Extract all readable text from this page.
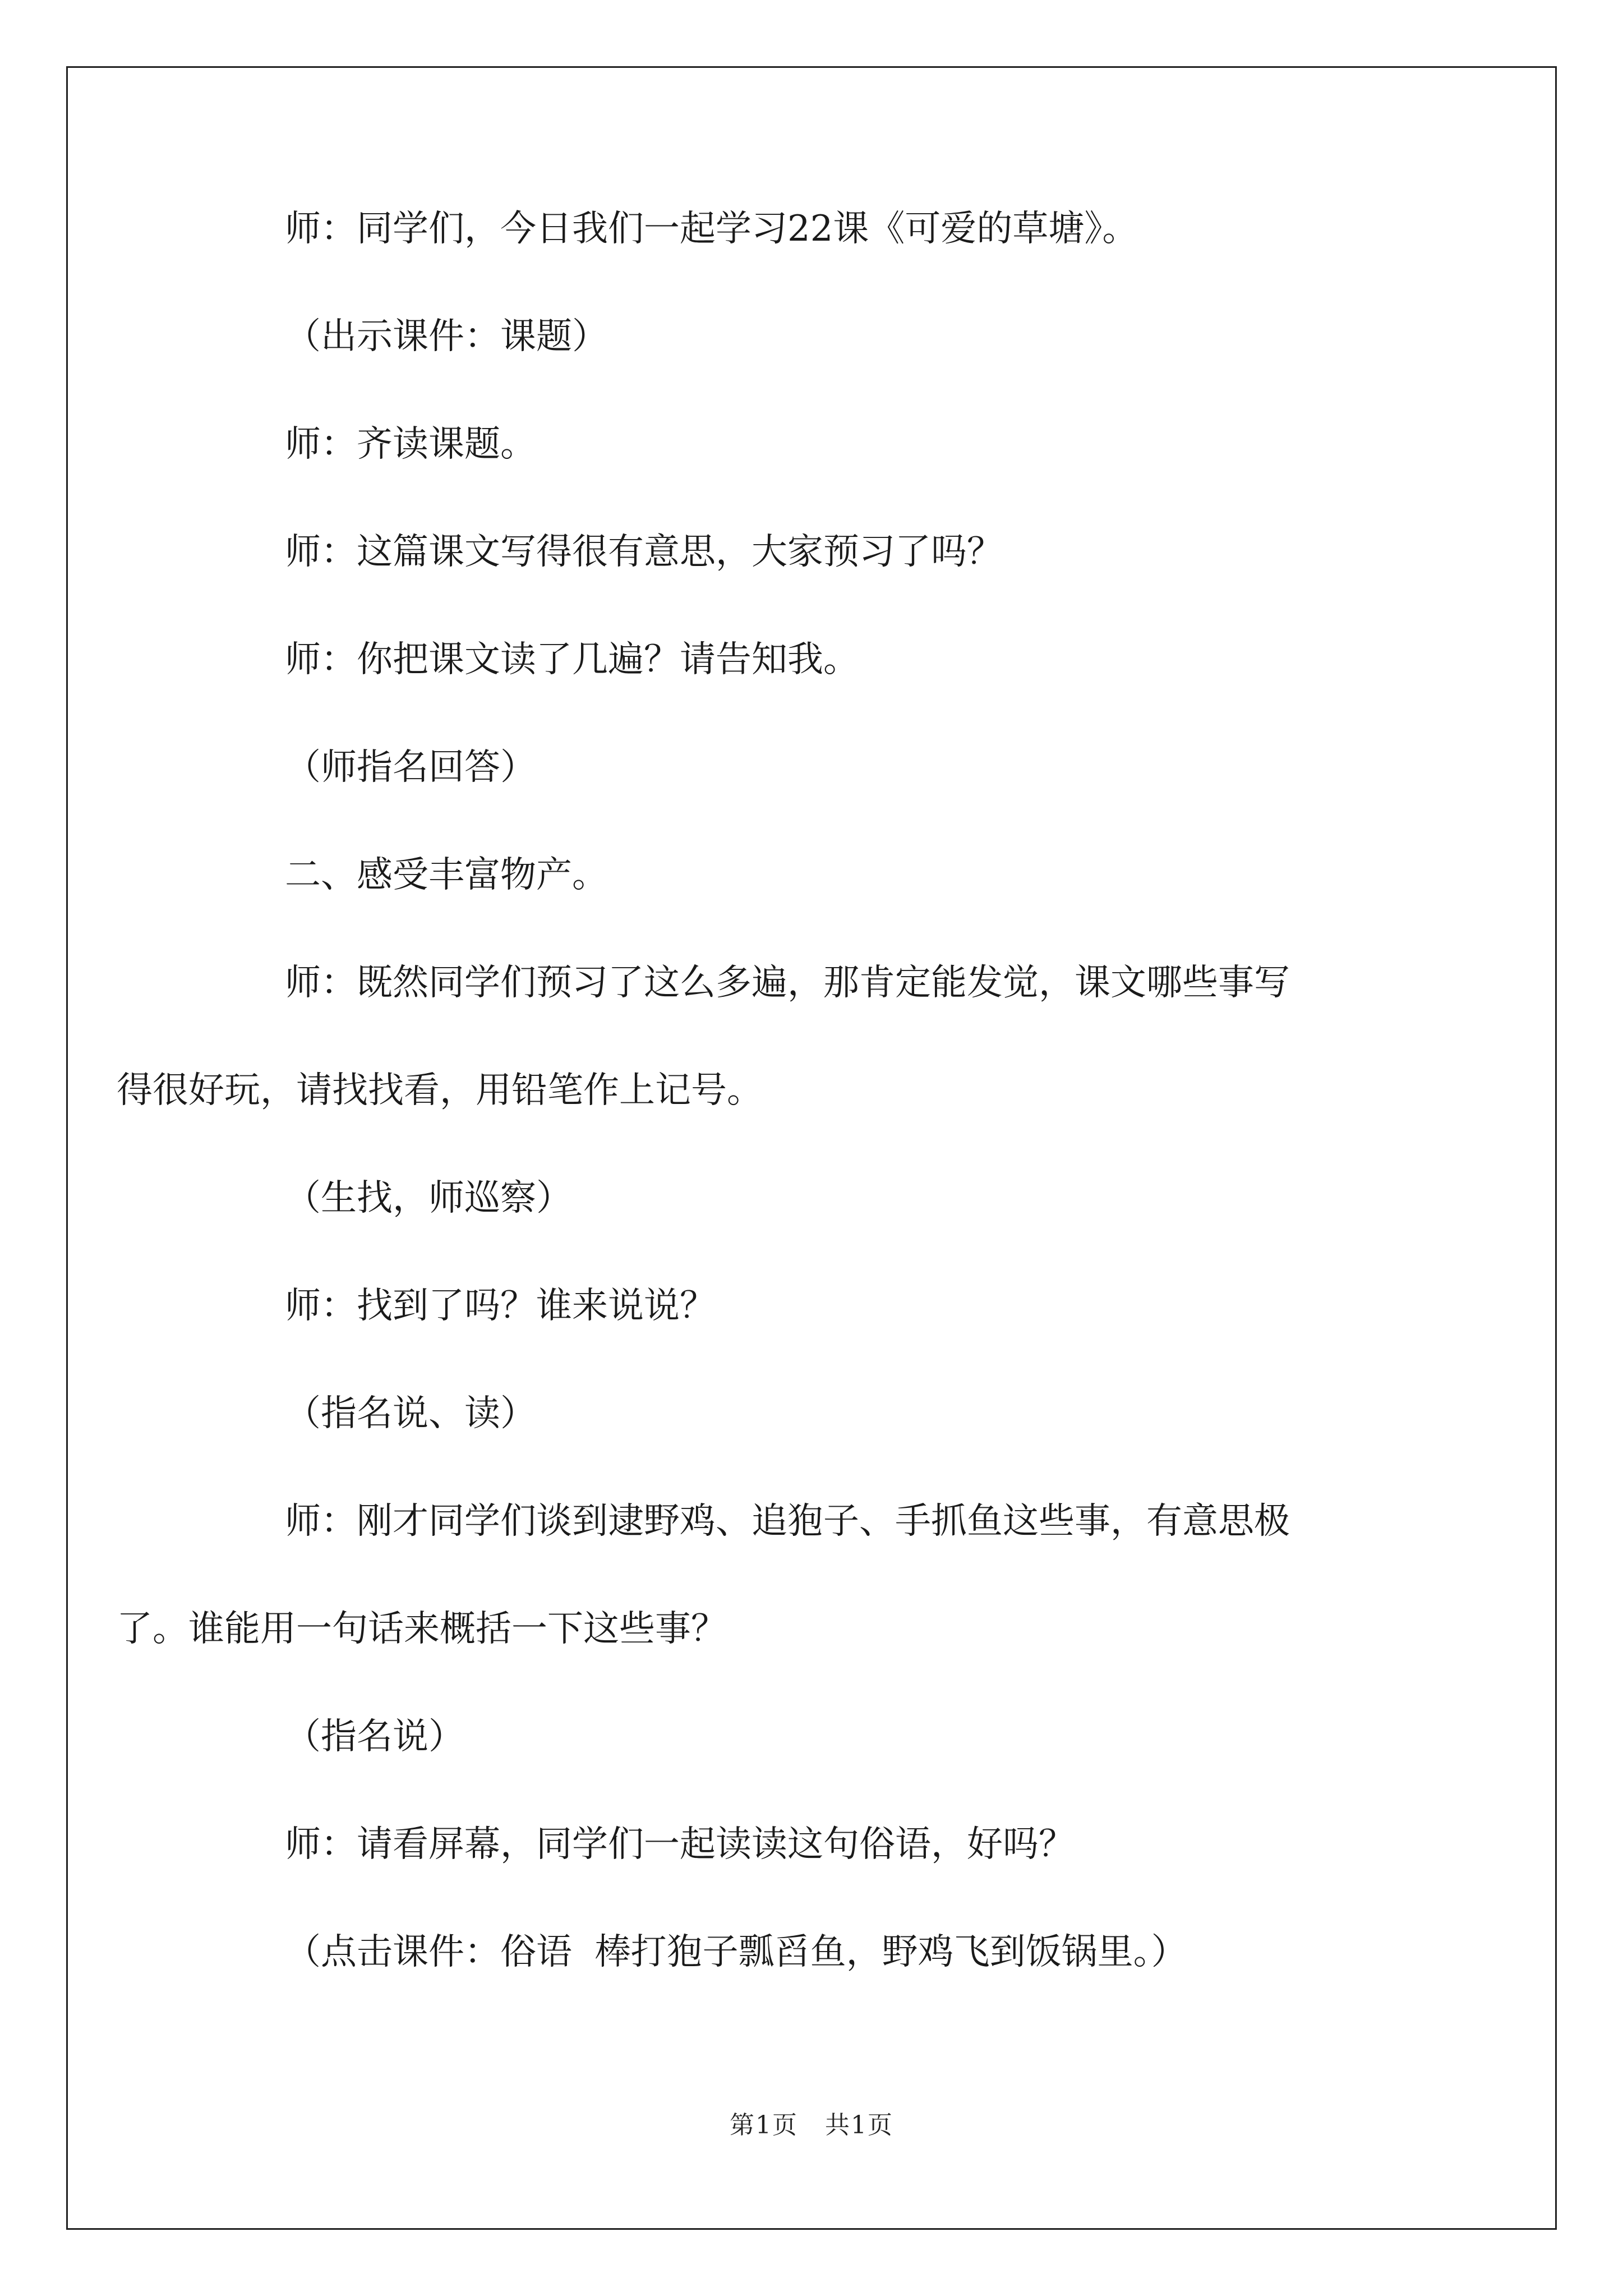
师：同学们，今日我们一起学习22课《可爱的草塘》。

（出示课件：课题）

师：齐读课题。

师：这篇课文写得很有意思，大家预习了吗？

师：你把课文读了几遍？请告知我。

（师指名回答）

二、感受丰富物产。

师：既然同学们预习了这么多遍，那肯定能发觉，课文哪些事写
得很好玩，请找找看，用铅笔作上记号。

（生找，师巡察）

师：找到了吗？谁来说说？

（指名说、读）

师：刚才同学们谈到逮野鸡、追狍子、手抓鱼这些事，有意思极
了。谁能用一句话来概括一下这些事？

（指名说）

师：请看屏幕，同学们一起读读这句俗语，好吗？

（点击课件：俗语  棒打狍子瓢舀鱼，野鸡飞到饭锅里。）

第1页   共1页
